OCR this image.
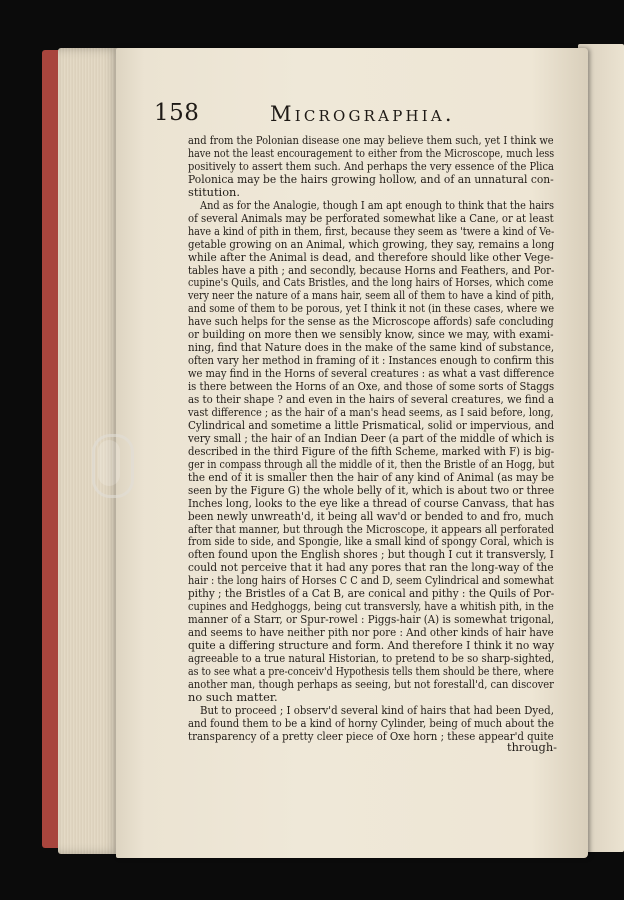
158	Micrographia.
and from the Polonian disease one may believe them such, yet I think we
have not the least encouragement to either from the Microscope, much less
positively to assert them such. And perhaps the very essence of the Plica
Polonica may be the hairs growing hollow, and of an unnatural con-
stitution.
And as for the Analogie, though I am apt enough to think that the hairs
of several Animals may be perforated somewhat like a Cane, or at least
have a kind of pith in them, first, because they seem as 'twere a kind of Ve-
getable growing on an Animal, which growing, they say, remains a long
while after the Animal is dead, and therefore should like other Vege-
tables have a pith ; and secondly, because Horns and Feathers, and Por-
cupine's Quils, and Cats Bristles, and the long hairs of Horses, which come
very neer the nature of a mans hair, seem all of them to have a kind of pith,
and some of them to be porous, yet I think it not (in these cases, where we
have such helps for the sense as the Microscope affords) safe concluding
or building on more then we sensibly know, since we may, with exami-
ning, find that Nature does in the make of the same kind of substance,
often vary her method in framing of it : Instances enough to confirm this
we may find in the Horns of several creatures : as what a vast difference
is there between the Horns of an Oxe, and those of some sorts of Staggs
as to their shape ? and even in the hairs of several creatures, we find a
vast difference ; as the hair of a man's head seems, as I said before, long,
Cylindrical and sometime a little Prismatical, solid or impervious, and
very small ; the hair of an Indian Deer (a part of the middle of which is
described in the third Figure of the fifth Scheme, marked with F) is big-
ger in compass through all the middle of it, then the Bristle of an Hogg, but
the end of it is smaller then the hair of any kind of Animal (as may be
seen by the Figure G) the whole belly of it, which is about two or three
Inches long, looks to the eye like a thread of course Canvass, that has
been newly unwreath'd, it being all wav'd or bended to and fro, much
after that manner, but through the Microscope, it appears all perforated
from side to side, and Spongie, like a small kind of spongy Coral, which is
often found upon the English shores ; but though I cut it transversly, I
could not perceive that it had any pores that ran the long-way of the
hair : the long hairs of Horses C C and D, seem Cylindrical and somewhat
pithy ; the Bristles of a Cat B, are conical and pithy : the Quils of Por-
cupines and Hedghoggs, being cut transversly, have a whitish pith, in the
manner of a Starr, or Spur-rowel : Piggs-hair (A) is somewhat trigonal,
and seems to have neither pith nor pore : And other kinds of hair have
quite a differing structure and form. And therefore I think it no way
agreeable to a true natural Historian, to pretend to be so sharp-sighted,
as to see what a pre-conceiv'd Hypothesis tells them should be there, where
another man, though perhaps as seeing, but not forestall'd, can discover
no such matter.
But to proceed ; I observ'd several kind of hairs that had been Dyed,
and found them to be a kind of horny Cylinder, being of much about the
transparency of a pretty cleer piece of Oxe horn ; these appear'd quite
through-
